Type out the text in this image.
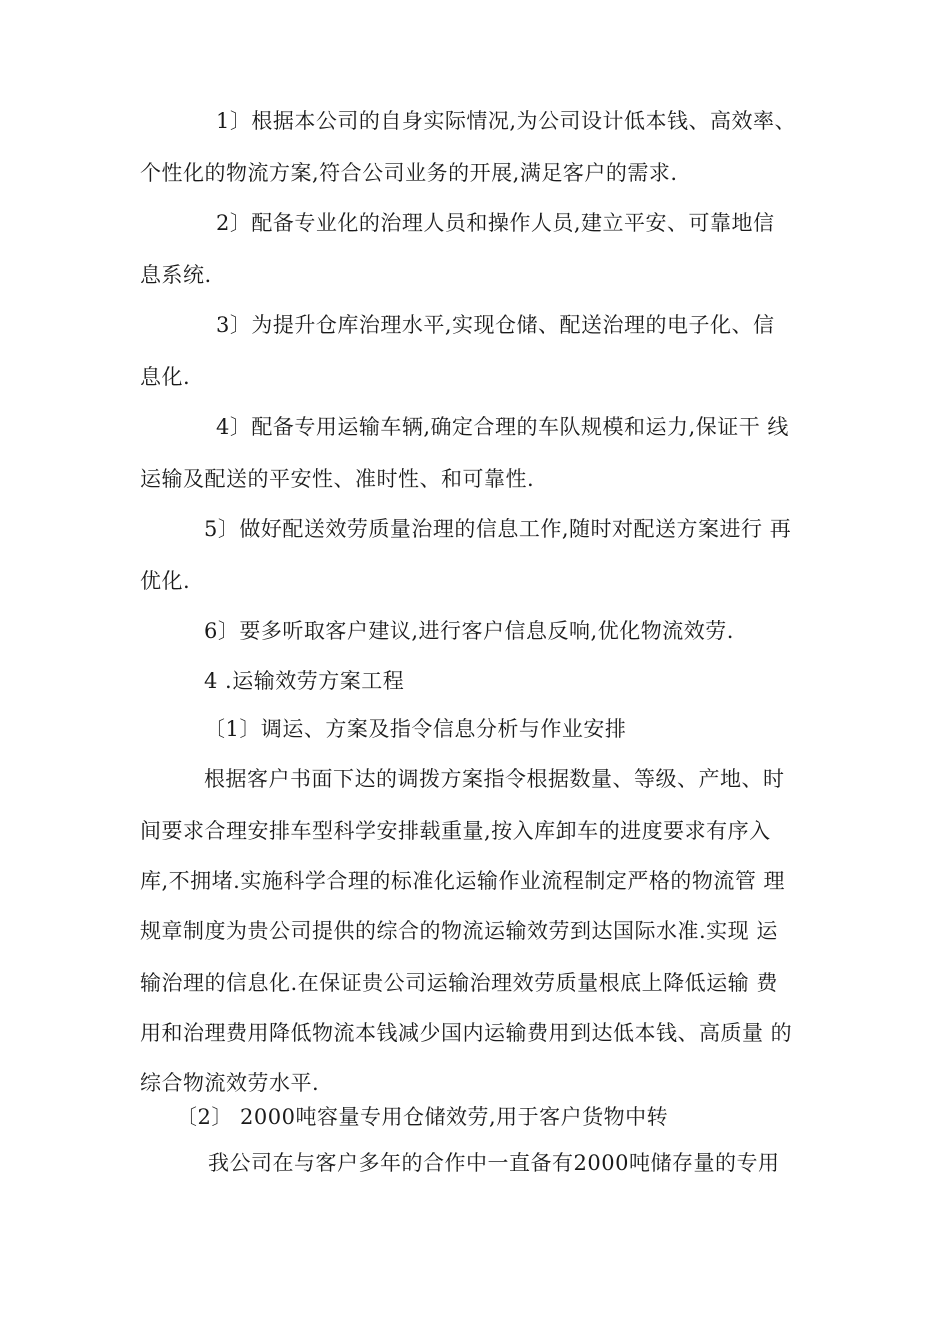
1〕根据本公司的自身实际情况,为公司设计低本钱、高效率、
个性化的物流方案,符合公司业务的开展,满足客户的需求.
2〕配备专业化的治理人员和操作人员,建立平安、可靠地信
息系统.
3〕为提升仓库治理水平,实现仓储、配送治理的电子化、信
息化.
4〕配备专用运输车辆,确定合理的车队规模和运力,保证干 线
运输及配送的平安性、准时性、和可靠性.
5〕做好配送效劳质量治理的信息工作,随时对配送方案进行 再
优化.
6〕要多听取客户建议,进行客户信息反响,优化物流效劳.
4 .运输效劳方案工程
〔1〕调运、方案及指令信息分析与作业安排
根据客户书面下达的调拨方案指令根据数量、等级、产地、时
间要求合理安排车型科学安排载重量,按入库卸车的进度要求有序入
库,不拥堵.实施科学合理的标准化运输作业流程制定严格的物流管 理
规章制度为贵公司提供的综合的物流运输效劳到达国际水准.实现 运
输治理的信息化.在保证贵公司运输治理效劳质量根底上降低运输 费
用和治理费用降低物流本钱减少国内运输费用到达低本钱、高质量 的
综合物流效劳水平.
〔2〕 2000吨容量专用仓储效劳,用于客户货物中转
我公司在与客户多年的合作中一直备有2000吨储存量的专用
